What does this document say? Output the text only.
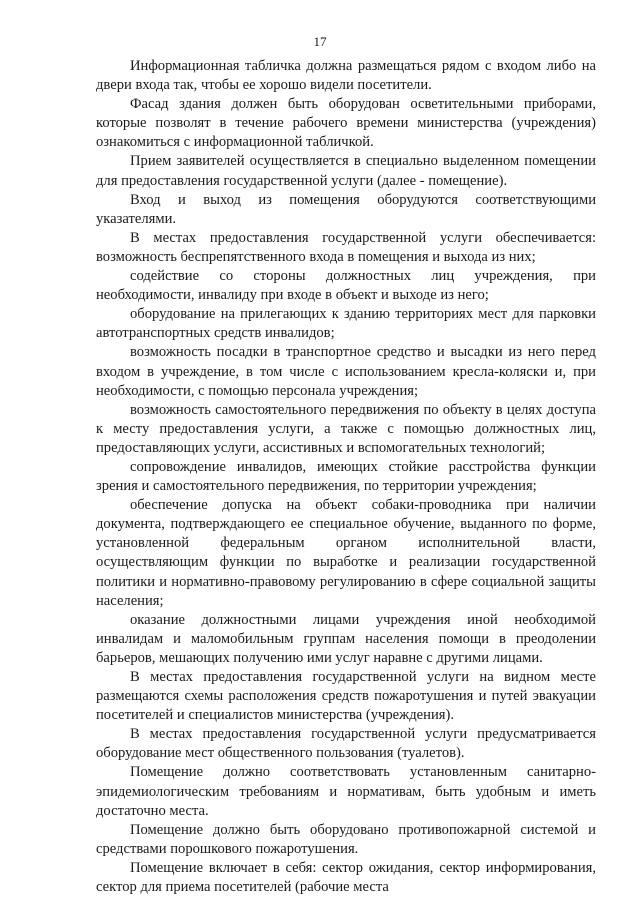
17

Информационная табличка должна размещаться рядом с входом либо на двери входа так, чтобы ее хорошо видели посетители.

Фасад здания должен быть оборудован осветительными приборами, которые позволят в течение рабочего времени министерства (учреждения) ознакомиться с информационной табличкой.

Прием заявителей осуществляется в специально выделенном помещении для предоставления государственной услуги (далее - помещение).

Вход и выход из помещения оборудуются соответствующими указателями.

В местах предоставления государственной услуги обеспечивается: возможность беспрепятственного входа в помещения и выхода из них;

содействие со стороны должностных лиц учреждения, при необходимости, инвалиду при входе в объект и выходе из него;

оборудование на прилегающих к зданию территориях мест для парковки автотранспортных средств инвалидов;

возможность посадки в транспортное средство и высадки из него перед входом в учреждение, в том числе с использованием кресла-коляски и, при необходимости, с помощью персонала учреждения;

возможность самостоятельного передвижения по объекту в целях доступа к месту предоставления услуги, а также с помощью должностных лиц, предоставляющих услуги, ассистивных и вспомогательных технологий;

сопровождение инвалидов, имеющих стойкие расстройства функции зрения и самостоятельного передвижения, по территории учреждения;

обеспечение допуска на объект собаки-проводника при наличии документа, подтверждающего ее специальное обучение, выданного по форме, установленной федеральным органом исполнительной власти, осуществляющим функции по выработке и реализации государственной политики и нормативно-правовому регулированию в сфере социальной защиты населения;

оказание должностными лицами учреждения иной необходимой инвалидам и маломобильным группам населения помощи в преодолении барьеров, мешающих получению ими услуг наравне с другими лицами.

В местах предоставления государственной услуги на видном месте размещаются схемы расположения средств пожаротушения и путей эвакуации посетителей и специалистов министерства (учреждения).

В местах предоставления государственной услуги предусматривается оборудование мест общественного пользования (туалетов).

Помещение должно соответствовать установленным санитарно-эпидемиологическим требованиям и нормативам, быть удобным и иметь достаточно места.

Помещение должно быть оборудовано противопожарной системой и средствами порошкового пожаротушения.

Помещение включает в себя: сектор ожидания, сектор информирования, сектор для приема посетителей (рабочие места
